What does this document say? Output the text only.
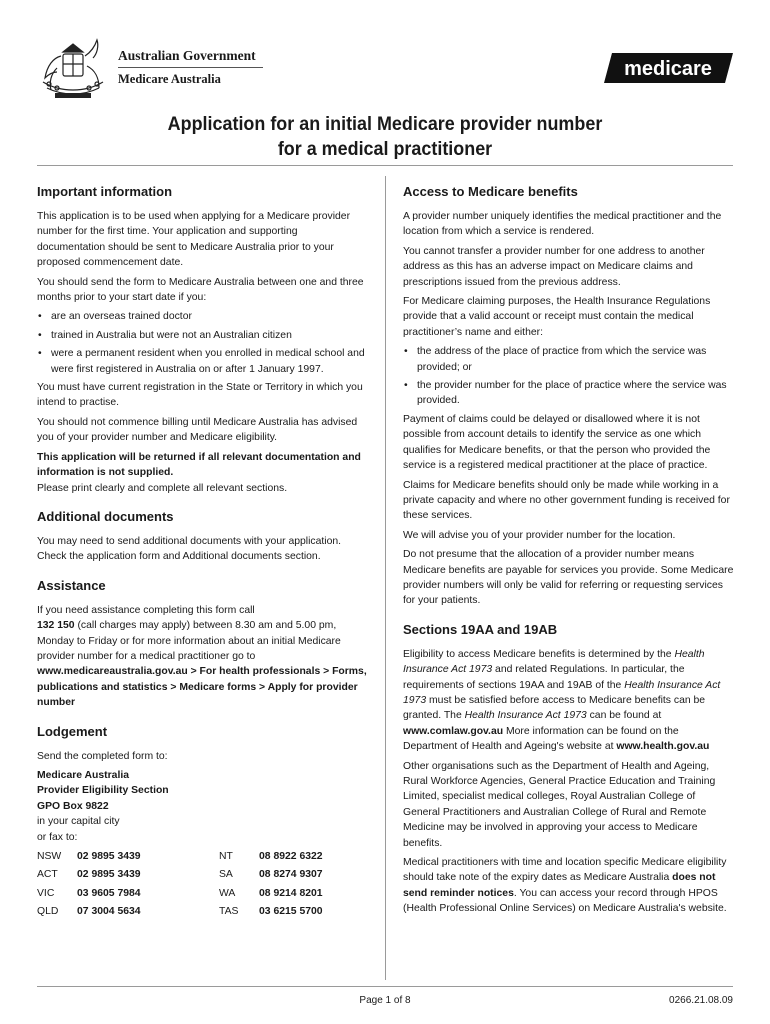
Australian Government
Medicare Australia	medicare
Application for an initial Medicare provider number
for a medical practitioner
Important information

This application is to be used when applying for a Medicare provider number for the first time. Your application and supporting documentation should be sent to Medicare Australia prior to your proposed commencement date.

You should send the form to Medicare Australia between one and three months prior to your start date if you:

• are an overseas trained doctor
• trained in Australia but were not an Australian citizen
• were a permanent resident when you enrolled in medical school and were first registered in Australia on or after 1 January 1997.

You must have current registration in the State or Territory in which you intend to practise.

You should not commence billing until Medicare Australia has advised you of your provider number and Medicare eligibility.

This application will be returned if all relevant documentation and information is not supplied.

Please print clearly and complete all relevant sections.

Additional documents

You may need to send additional documents with your application. Check the application form and Additional documents section.

Assistance

If you need assistance completing this form call
132 150 (call charges may apply) between 8.30 am and 5.00 pm, Monday to Friday or for more information about an initial Medicare provider number for a medical practitioner go to www.medicareaustralia.gov.au > For health professionals > Forms, publications and statistics > Medicare forms > Apply for provider number

Lodgement

Send the completed form to:

Medicare Australia

Provider Eligibility Section

GPO Box 9822

in your capital city

or fax to:

NSW	02 9895 3439	NT	08 8922 6322
ACT	02 9895 3439	SA	08 8274 9307
VIC	03 9605 7984	WA	08 9214 8201
QLD	07 3004 5634	TAS	03 6215 5700
Access to Medicare benefits

A provider number uniquely identifies the medical practitioner and the location from which a service is rendered.

You cannot transfer a provider number for one address to another address as this has an adverse impact on Medicare claims and prescriptions issued from the previous address.

For Medicare claiming purposes, the Health Insurance Regulations provide that a valid account or receipt must contain the medical practitioner’s name and either:

• the address of the place of practice from which the service was provided; or
• the provider number for the place of practice where the service was provided.

Payment of claims could be delayed or disallowed where it is not possible from account details to identify the service as one which qualifies for Medicare benefits, or that the person who provided the service is a registered medical practitioner at the place of practice.

Claims for Medicare benefits should only be made while working in a private capacity and where no other government funding is received for these services.

We will advise you of your provider number for the location.

Do not presume that the allocation of a provider number means Medicare benefits are payable for services you provide. Some Medicare provider numbers will only be valid for referring or requesting services for your patients.

Sections 19AA and 19AB

Eligibility to access Medicare benefits is determined by the Health Insurance Act 1973 and related Regulations. In particular, the requirements of sections 19AA and 19AB of the Health Insurance Act 1973 must be satisfied before access to Medicare benefits can be granted. The Health Insurance Act 1973 can be found at www.comlaw.gov.au More information can be found on the Department of Health and Ageing's website at www.health.gov.au

Other organisations such as the Department of Health and Ageing, Rural Workforce Agencies, General Practice Education and Training Limited, specialist medical colleges, Royal Australian College of General Practitioners and Australian College of Rural and Remote Medicine may be involved in approving your access to Medicare benefits.

Medical practitioners with time and location specific Medicare eligibility should take note of the expiry dates as Medicare Australia does not send reminder notices. You can access your record through HPOS (Health Professional Online Services) on Medicare Australia's website.

Page 1 of 8	0266.21.08.09
